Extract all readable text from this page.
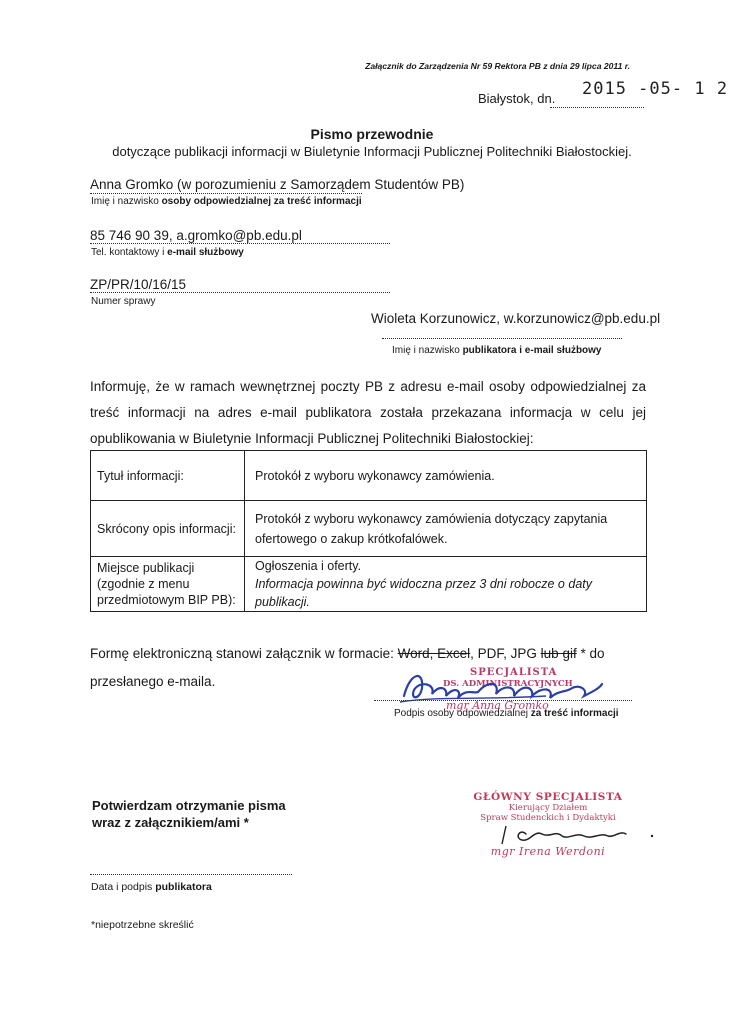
Załącznik do Zarządzenia Nr 59 Rektora PB z dnia 29 lipca 2011 r.
Białystok, dn. 2015 -05- 1 2
Pismo przewodnie
dotyczące publikacji informacji w Biuletynie Informacji Publicznej Politechniki Białostockiej.
Anna Gromko (w porozumieniu z Samorządem Studentów PB)
Imię i nazwisko osoby odpowiedzialnej za treść informacji
85 746 90 39, a.gromko@pb.edu.pl
Tel. kontaktowy i e-mail służbowy
ZP/PR/10/16/15
Numer sprawy
Wioleta Korzunowicz, w.korzunowicz@pb.edu.pl
Imię i nazwisko publikatora i e-mail służbowy
Informuję, że w ramach wewnętrznej poczty PB z adresu e-mail osoby odpowiedzialnej za treść informacji na adres e-mail publikatora została przekazana informacja w celu jej opublikowania w Biuletynie Informacji Publicznej Politechniki Białostockiej:
Tytuł informacji:	Protokół z wyboru wykonawcy zamówienia.
Skrócony opis informacji:	Protokół z wyboru wykonawcy zamówienia dotyczący zapytania ofertowego o zakup krótkofalówek.
Miejsce publikacji (zgodnie z menu przedmiotowym BIP PB):	Ogłoszenia i oferty.
Informacja powinna być widoczna przez 3 dni robocze o daty publikacji.
Formę elektroniczną stanowi załącznik w formacie: Word, Excel, PDF, JPG lub gif * do przesłanego e-maila.
SPECJALISTA
DS. ADMINISTRACYJNYCH
mgr Anna Gromko
Podpis osoby odpowiedzialnej za treść informacji
Potwierdzam otrzymanie pisma
wraz z załącznikiem/ami *
GŁÓWNY SPECJALISTA
Kierujący Działem
Spraw Studenckich i Dydaktyki
mgr Irena Werdoni
Data i podpis publikatora
*niepotrzebne skreślić
